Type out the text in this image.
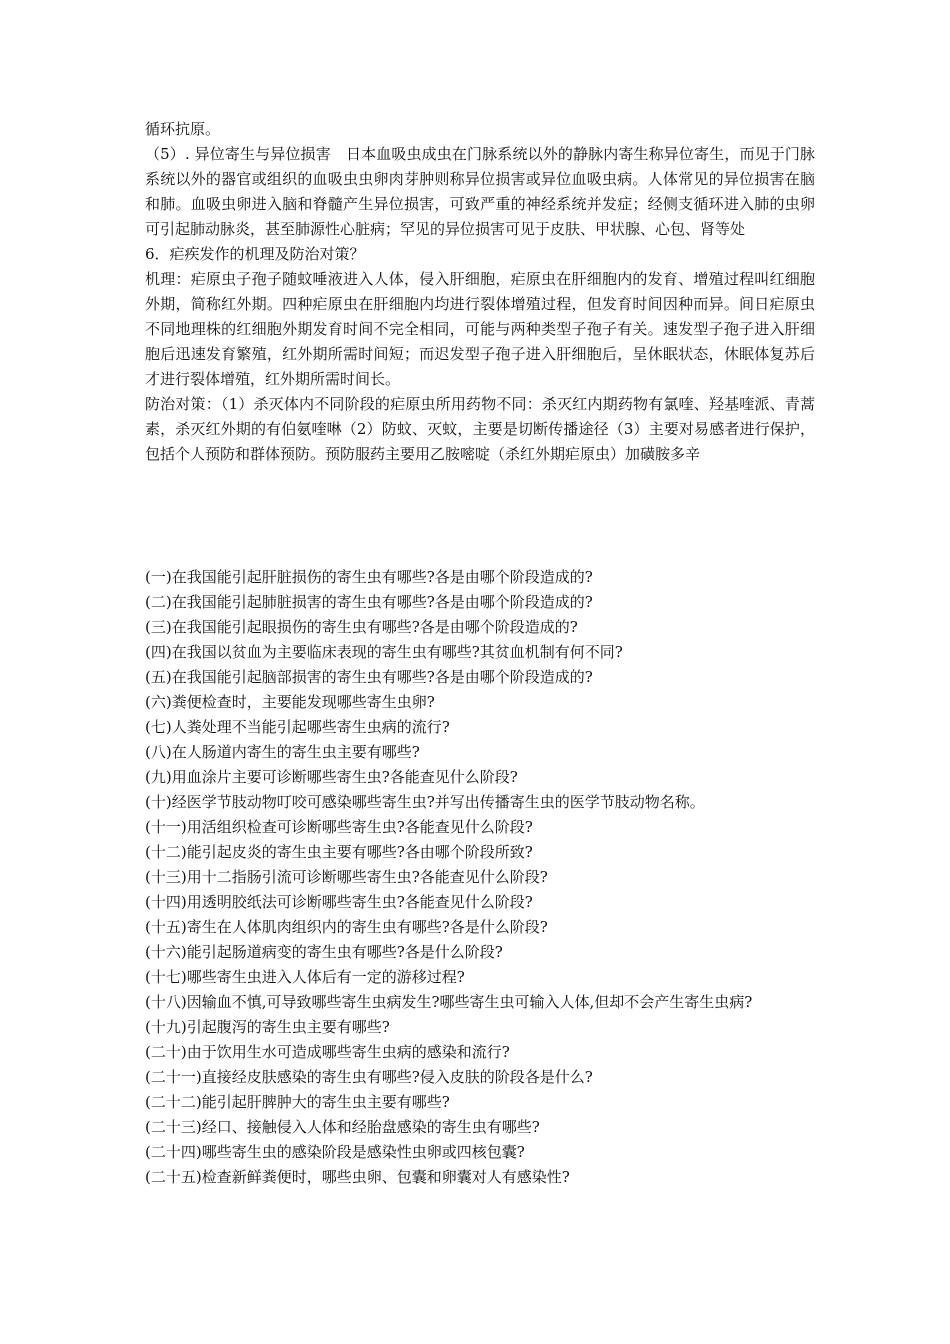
循环抗原。

（5）. 异位寄生与异位损害　日本血吸虫成虫在门脉系统以外的静脉内寄生称异位寄生，而见于门脉系统以外的器官或组织的血吸虫虫卵肉芽肿则称异位损害或异位血吸虫病。人体常见的异位损害在脑和肺。血吸虫卵进入脑和脊髓产生异位损害，可致严重的神经系统并发症；经侧支循环进入肺的虫卵可引起肺动脉炎，甚至肺源性心脏病；罕见的异位损害可见于皮肤、甲状腺、心包、肾等处

6．疟疾发作的机理及防治对策？

机理：疟原虫子孢子随蚊唾液进入人体，侵入肝细胞，疟原虫在肝细胞内的发育、增殖过程叫红细胞外期，简称红外期。四种疟原虫在肝细胞内均进行裂体增殖过程，但发育时间因种而异。间日疟原虫不同地理株的红细胞外期发育时间不完全相同，可能与两种类型子孢子有关。速发型子孢子进入肝细胞后迅速发育繁殖，红外期所需时间短；而迟发型子孢子进入肝细胞后，呈休眠状态，休眠体复苏后才进行裂体增殖，红外期所需时间长。

防治对策：（1）杀灭体内不同阶段的疟原虫所用药物不同：杀灭红内期药物有氯喹、羟基喹派、青蒿素，杀灭红外期的有伯氨喹啉（2）防蚊、灭蚊，主要是切断传播途径（3）主要对易感者进行保护，包括个人预防和群体预防。预防服药主要用乙胺嘧啶（杀红外期疟原虫）加磺胺多辛

(一)在我国能引起肝脏损伤的寄生虫有哪些?各是由哪个阶段造成的?

(二)在我国能引起肺脏损害的寄生虫有哪些?各是由哪个阶段造成的?

(三)在我国能引起眼损伤的寄生虫有哪些?各是由哪个阶段造成的?

(四)在我国以贫血为主要临床表现的寄生虫有哪些?其贫血机制有何不同?

(五)在我国能引起脑部损害的寄生虫有哪些?各是由哪个阶段造成的?

(六)粪便检查时，主要能发现哪些寄生虫卵?

(七)人粪处理不当能引起哪些寄生虫病的流行?

(八)在人肠道内寄生的寄生虫主要有哪些?

(九)用血涂片主要可诊断哪些寄生虫?各能查见什么阶段?

(十)经医学节肢动物叮咬可感染哪些寄生虫?并写出传播寄生虫的医学节肢动物名称。

(十一)用活组织检查可诊断哪些寄生虫?各能查见什么阶段?

(十二)能引起皮炎的寄生虫主要有哪些?各由哪个阶段所致?

(十三)用十二指肠引流可诊断哪些寄生虫?各能查见什么阶段?

(十四)用透明胶纸法可诊断哪些寄生虫?各能查见什么阶段?

(十五)寄生在人体肌肉组织内的寄生虫有哪些?各是什么阶段?

(十六)能引起肠道病变的寄生虫有哪些?各是什么阶段?

(十七)哪些寄生虫进入人体后有一定的游移过程?

(十八)因输血不慎,可导致哪些寄生虫病发生?哪些寄生虫可输入人体,但却不会产生寄生虫病?

(十九)引起腹泻的寄生虫主要有哪些?

(二十)由于饮用生水可造成哪些寄生虫病的感染和流行?

(二十一)直接经皮肤感染的寄生虫有哪些?侵入皮肤的阶段各是什么?

(二十二)能引起肝脾肿大的寄生虫主要有哪些?

(二十三)经口、接触侵入人体和经胎盘感染的寄生虫有哪些?

(二十四)哪些寄生虫的感染阶段是感染性虫卵或四核包囊?

(二十五)检查新鲜粪便时，哪些虫卵、包囊和卵囊对人有感染性?
